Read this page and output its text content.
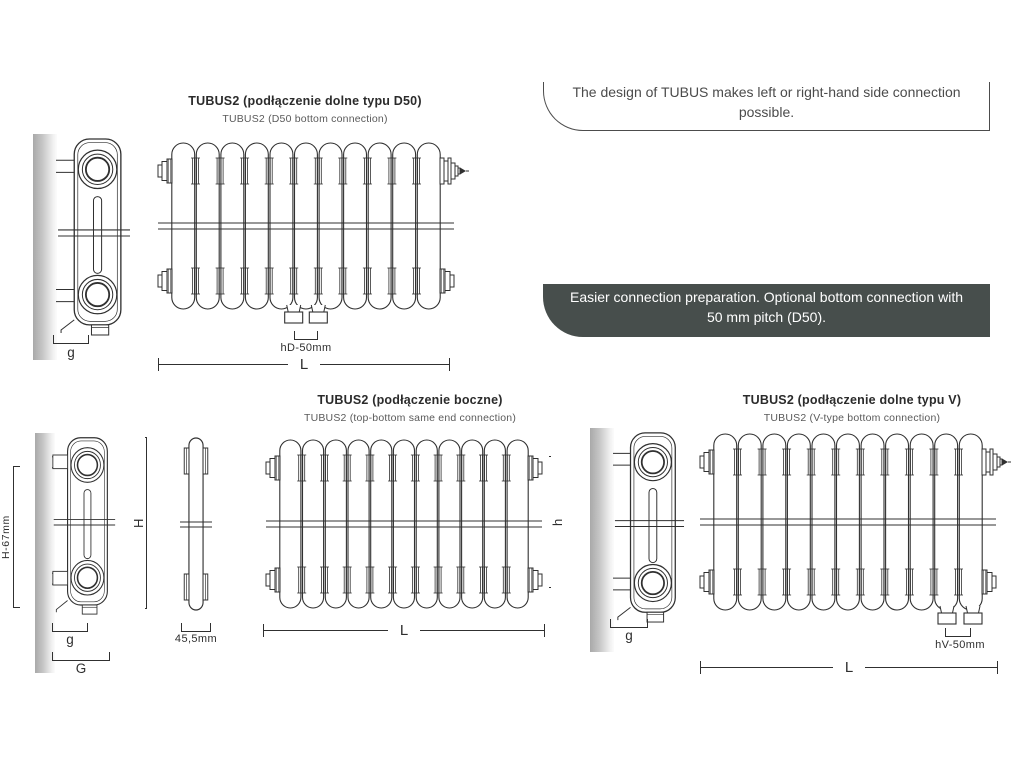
TUBUS2 (podłączenie dolne typu D50)
TUBUS2 (D50 bottom connection)
g	hD-50mm
L
The design of TUBUS makes left or right-hand side connection possible.
Easier connection preparation. Optional bottom connection with 50 mm pitch (D50).
TUBUS2 (podłączenie boczne)
TUBUS2 (top-bottom same end connection)
H-67mm
g
G
H
45,5mm
h
L
TUBUS2 (podłączenie dolne typu V)
TUBUS2 (V-type bottom connection)
g
hV-50mm
L
